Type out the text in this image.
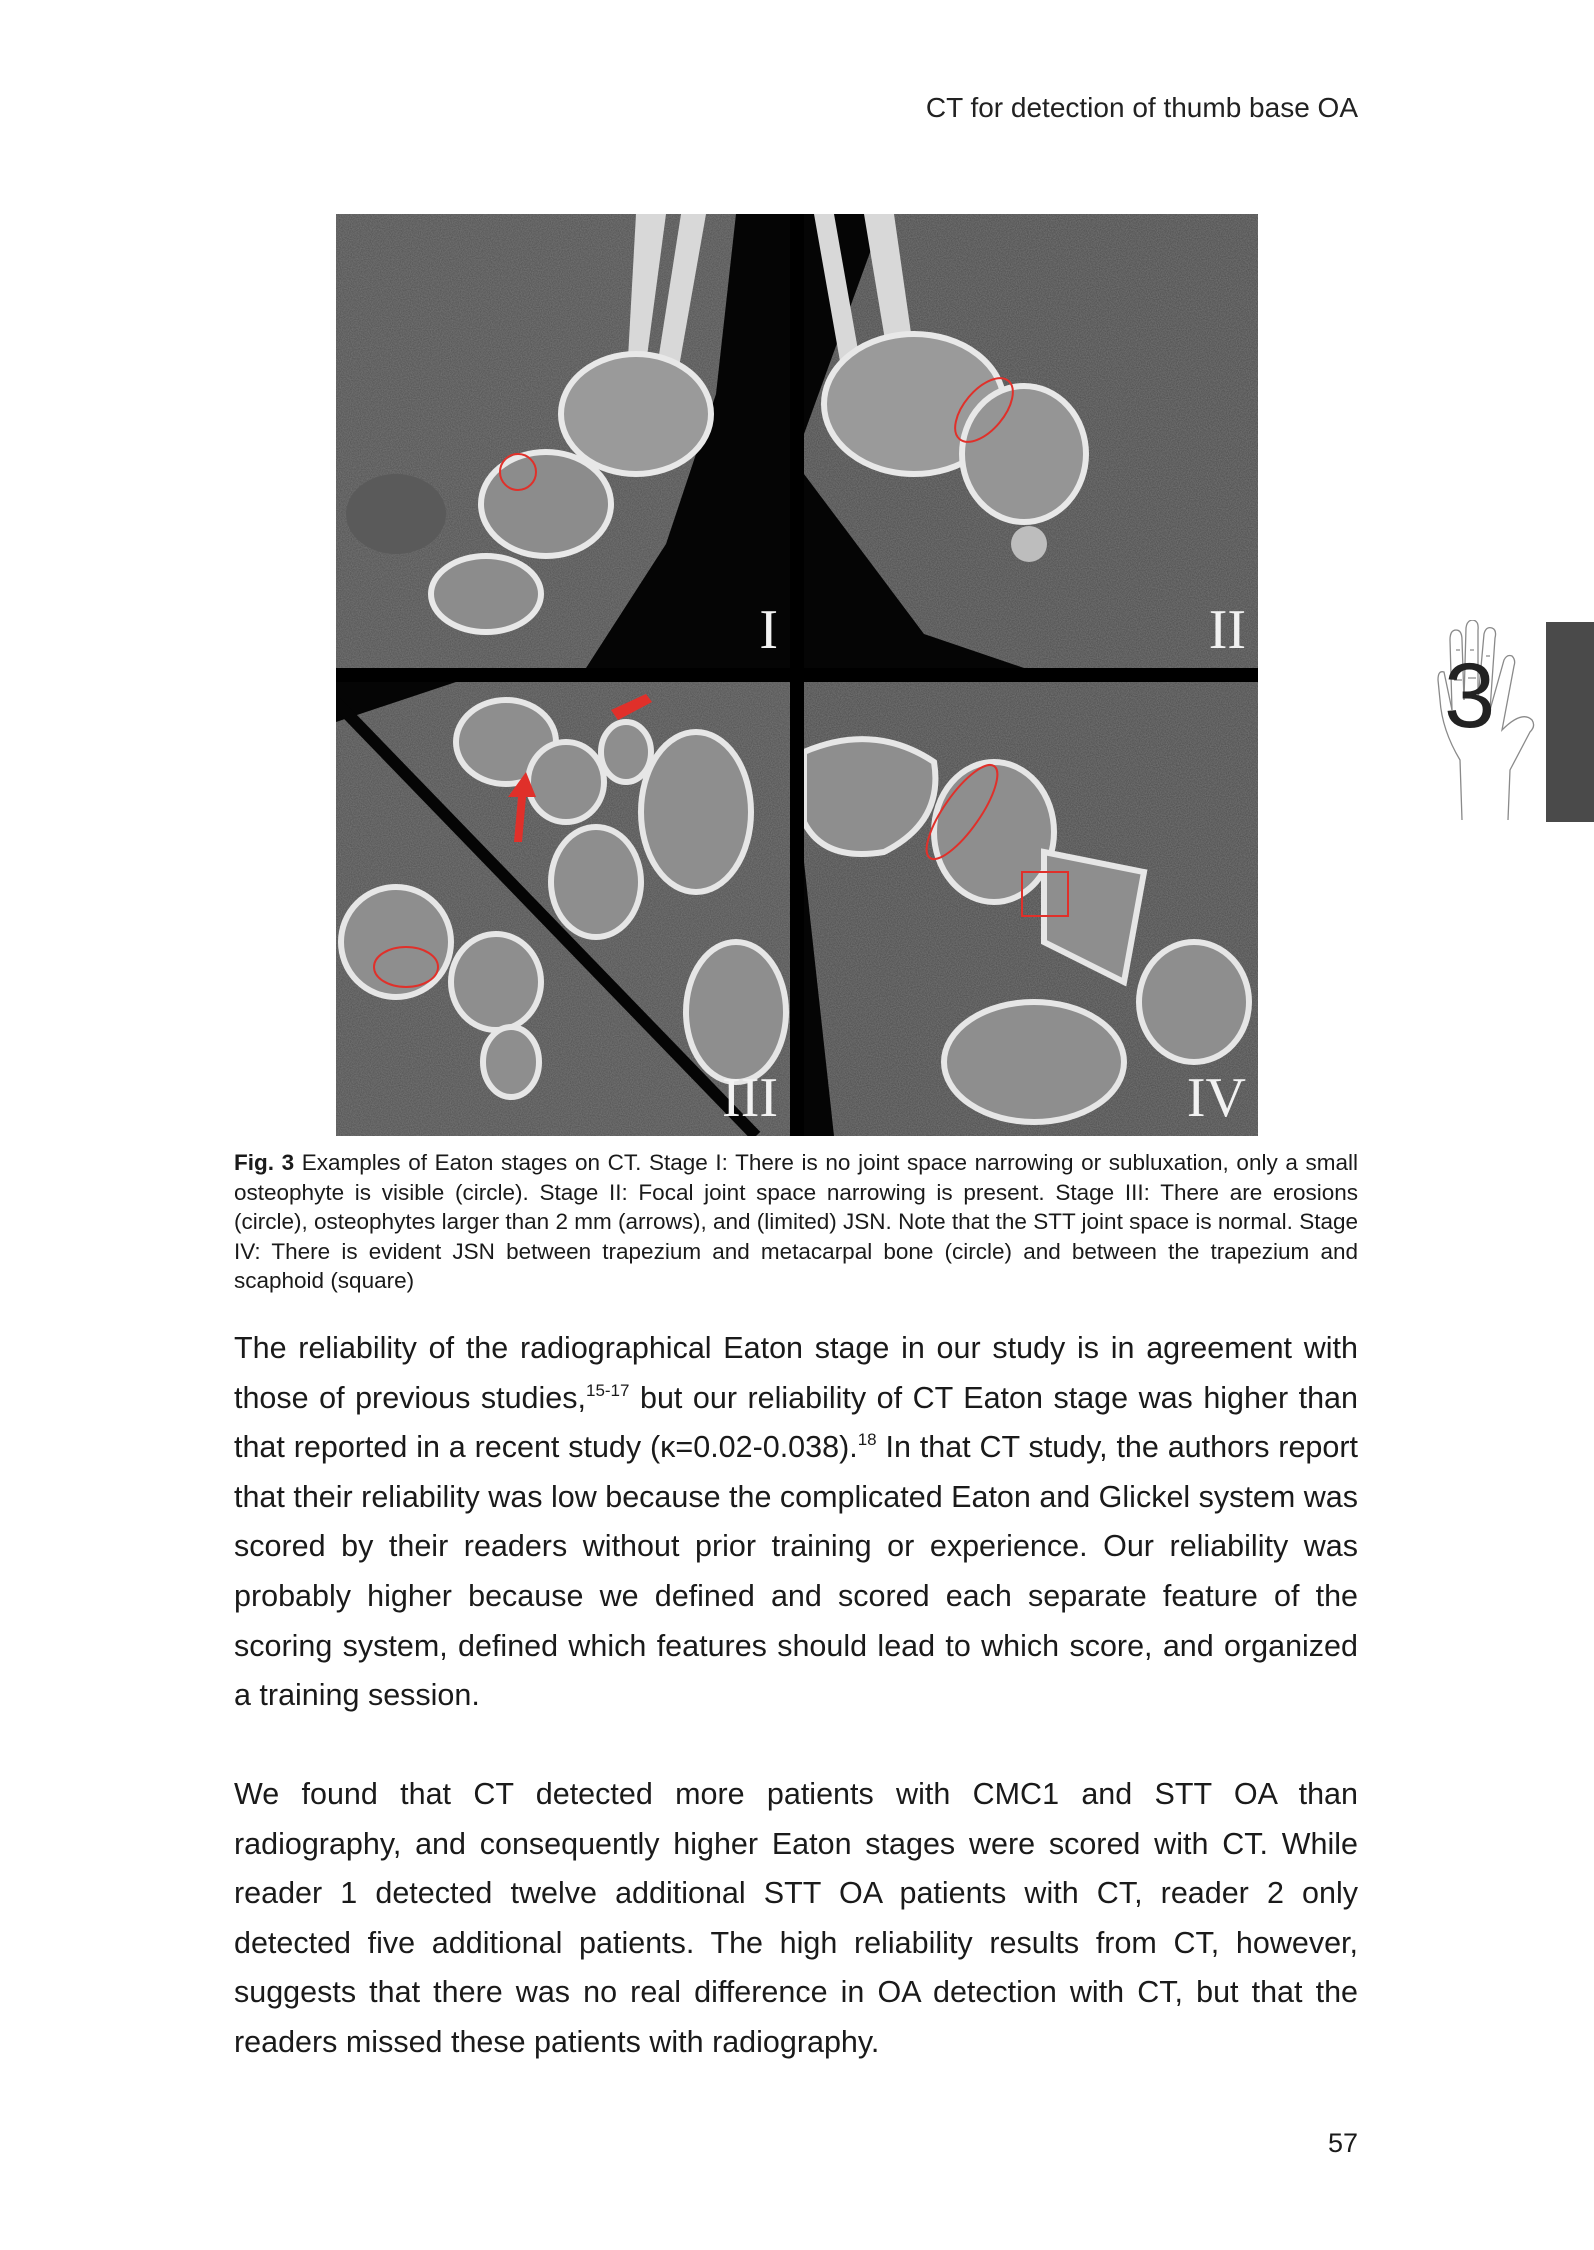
CT for detection of thumb base OA
I	II
III	IV
Fig. 3 Examples of Eaton stages on CT. Stage I: There is no joint space narrowing or subluxation, only a small osteophyte is visible (circle). Stage II: Focal joint space narrowing is present. Stage III: There are erosions (circle), osteophytes larger than 2 mm (arrows), and (limited) JSN. Note that the STT joint space is normal. Stage IV: There is evident JSN between trapezium and metacarpal bone (circle) and between the trapezium and scaphoid (square)
The reliability of the radiographical Eaton stage in our study is in agreement with those of previous studies,$^{15-17}$ but our reliability of CT Eaton stage was higher than that reported in a recent study (κ=0.02-0.038).$^{18}$ In that CT study, the authors report that their reliability was low because the complicated Eaton and Glickel system was scored by their readers without prior training or experience. Our reliability was probably higher because we defined and scored each separate feature of the scoring system, defined which features should lead to which score, and organized a training session.
We found that CT detected more patients with CMC1 and STT OA than radiography, and consequently higher Eaton stages were scored with CT. While reader 1 detected twelve additional STT OA patients with CT, reader 2 only detected five additional patients. The high reliability results from CT, however, suggests that there was no real difference in OA detection with CT, but that the readers missed these patients with radiography.
3
57
